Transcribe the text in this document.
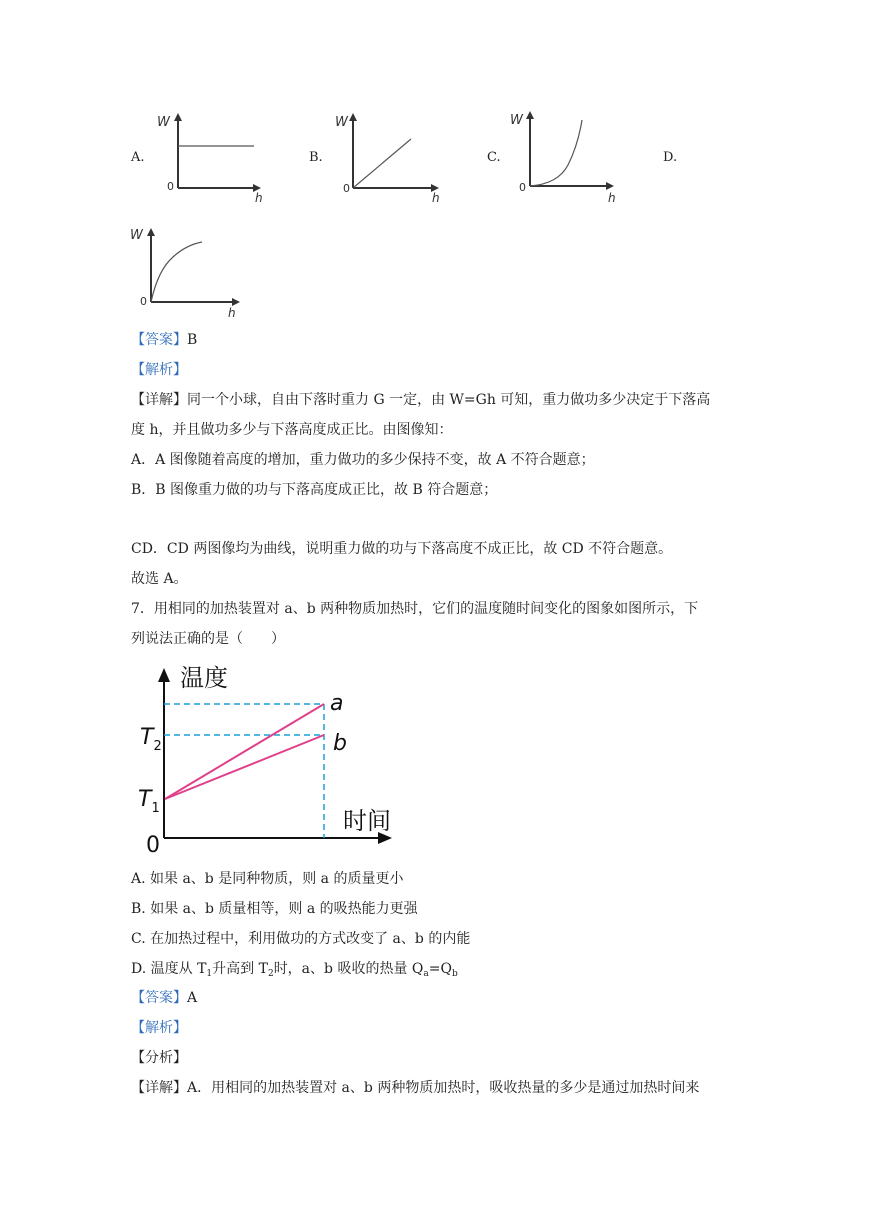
A.
W
0
h
B.
W
0
h
C.
W
0
h
D.
W
0
h
【答案】B
【解析】
【详解】同一个小球，自由下落时重力 G 一定，由 W=Gh 可知，重力做功多少决定于下落高
度 h，并且做功多少与下落高度成正比。由图像知：
A．A 图像随着高度的增加，重力做功的多少保持不变，故 A 不符合题意；
B．B 图像重力做的功与下落高度成正比，故 B 符合题意；
CD．CD 两图像均为曲线，说明重力做的功与下落高度不成正比，故 CD 不符合题意。
故选 A。
7．用相同的加热装置对 a、b 两种物质加热时，它们的温度随时间变化的图象如图所示，下
列说法正确的是（　　）
温度
时间
0
$T_2$
$T_1$
a
b
A. 如果 a、b 是同种物质，则 a 的质量更小
B. 如果 a、b 质量相等，则 a 的吸热能力更强
C. 在加热过程中，利用做功的方式改变了 a、b 的内能
D. 温度从 $T_1$升高到 $T_2$时，a、b 吸收的热量 $Q_a=Q_b$
【答案】A
【解析】
【分析】
【详解】A．用相同的加热装置对 a、b 两种物质加热时，吸收热量的多少是通过加热时间来
